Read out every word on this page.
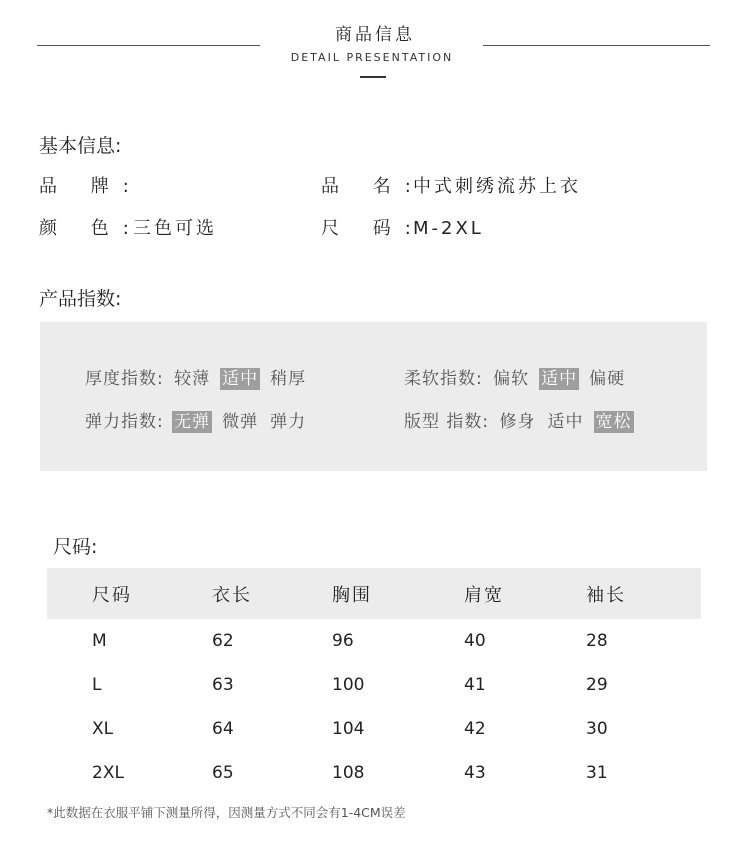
商品信息
DETAIL PRESENTATION
基本信息:
品 牌:	品 名:中式刺绣流苏上衣
颜 色:三色可选	尺 码:M-2XL
产品指数:
厚度指数: 较薄 适中 稍厚	柔软指数: 偏软 适中 偏硬
弹力指数: 无弹 微弹 弹力	版型 指数: 修身 适中 宽松
尺码:
尺码	衣长	胸围	肩宽	袖长
M	62	96	40	28
L	63	100	41	29
XL	64	104	42	30
2XL	65	108	43	31
*此数据在衣服平铺下测量所得，因测量方式不同会有1-4CM误差
